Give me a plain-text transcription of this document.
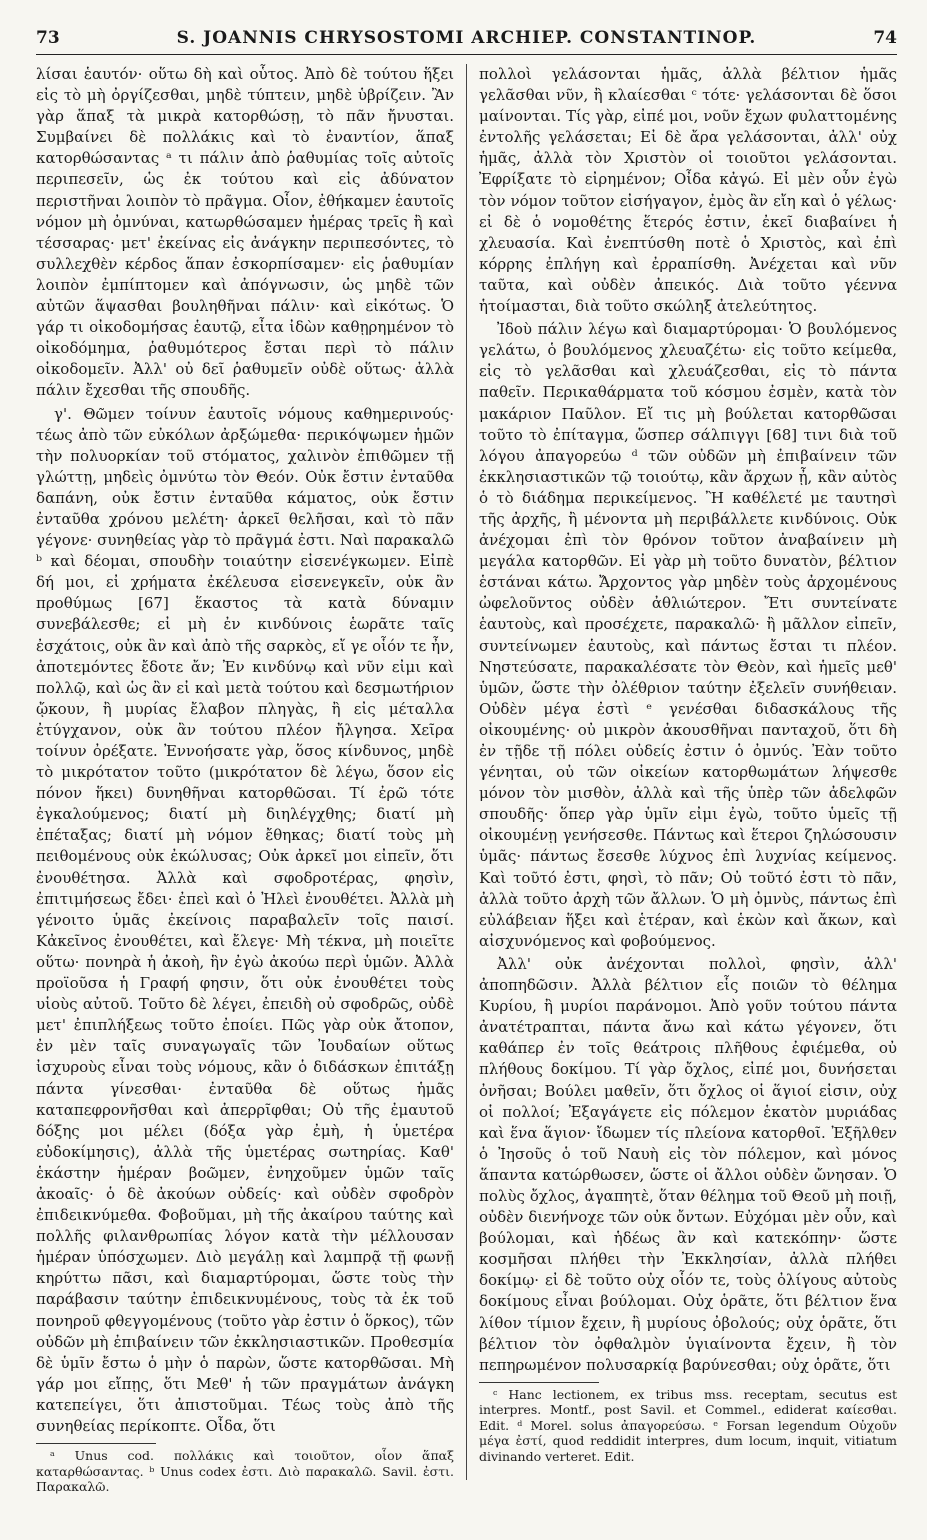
73	S. JOANNIS CHRYSOSTOMI ARCHIEP. CONSTANTINOP.	74

λίσαι ἑαυτόν· οὕτω δὴ καὶ οὗτος. Ἀπὸ δὲ τούτου ἥξει εἰς τὸ μὴ ὀργίζεσθαι, μηδὲ τύπτειν, μηδὲ ὑβρίζειν. Ἂν γὰρ ἅπαξ τὰ μικρὰ κατορθώσῃ, τὸ πᾶν ἤνυσται. Συμβαίνει δὲ πολλάκις καὶ τὸ ἐναντίον, ἅπαξ κατορθώσαντας ᵃ τι πάλιν ἀπὸ ῥαθυμίας τοῖς αὐτοῖς περιπεσεῖν, ὡς ἐκ τούτου καὶ εἰς ἀδύνατον περιστῆναι λοιπὸν τὸ πρᾶγμα. Οἷον, ἐθήκαμεν ἑαυτοῖς νόμον μὴ ὀμνύναι, κατωρθώσαμεν ἡμέρας τρεῖς ἢ καὶ τέσσαρας· μετ' ἐκείνας εἰς ἀνάγκην περιπεσόντες, τὸ συλλεχθὲν κέρδος ἅπαν ἐσκορπίσαμεν· εἰς ῥαθυμίαν λοιπὸν ἐμπίπτομεν καὶ ἀπόγνωσιν, ὡς μηδὲ τῶν αὐτῶν ἅψασθαι βουληθῆναι πάλιν· καὶ εἰκότως. Ὁ γάρ τι οἰκοδομήσας ἑαυτῷ, εἶτα ἰδὼν καθῃρημένον τὸ οἰκοδόμημα, ῥαθυμότερος ἔσται περὶ τὸ πάλιν οἰκοδομεῖν. Ἀλλ' οὐ δεῖ ῥαθυμεῖν οὐδὲ οὕτως· ἀλλὰ πάλιν ἔχεσθαι τῆς σπουδῆς.

γ'. Θῶμεν τοίνυν ἑαυτοῖς νόμους καθημερινούς· τέως ἀπὸ τῶν εὐκόλων ἀρξώμεθα· περικόψωμεν ἡμῶν τὴν πολυορκίαν τοῦ στόματος, χαλινὸν ἐπιθῶμεν τῇ γλώττῃ, μηδεὶς ὀμνύτω τὸν Θεόν. Οὐκ ἔστιν ἐνταῦθα δαπάνη, οὐκ ἔστιν ἐνταῦθα κάματος, οὐκ ἔστιν ἐνταῦθα χρόνου μελέτη· ἀρκεῖ θελῆσαι, καὶ τὸ πᾶν γέγονε· συνηθείας γὰρ τὸ πρᾶγμά ἐστι. Ναὶ παρακαλῶ ᵇ καὶ δέομαι, σπουδὴν τοιαύτην εἰσενέγκωμεν. Εἰπὲ δή μοι, εἰ χρήματα ἐκέλευσα εἰσενεγκεῖν, οὐκ ἂν προθύμως [67] ἕκαστος τὰ κατὰ δύναμιν συνεβάλεσθε; εἰ μὴ ἐν κινδύνοις ἑωρᾶτε ταῖς ἐσχάτοις, οὐκ ἂν καὶ ἀπὸ τῆς σαρκὸς, εἴ γε οἷόν τε ἦν, ἀποτεμόντες ἔδοτε ἄν; Ἐν κινδύνῳ καὶ νῦν εἰμι καὶ πολλῷ, καὶ ὡς ἂν εἰ καὶ μετὰ τούτου καὶ δεσμωτήριον ᾤκουν, ἢ μυρίας ἔλαβον πληγὰς, ἢ εἰς μέταλλα ἐτύγχανον, οὐκ ἂν τούτου πλέον ἤλγησα. Χεῖρα τοίνυν ὀρέξατε. Ἐννοήσατε γὰρ, ὅσος κίνδυνος, μηδὲ τὸ μικρότατον τοῦτο (μικρότατον δὲ λέγω, ὅσον εἰς πόνον ἥκει) δυνηθῆναι κατορθῶσαι. Τί ἐρῶ τότε ἐγκαλούμενος; διατί μὴ διηλέγχθης; διατί μὴ ἐπέταξας; διατί μὴ νόμον ἔθηκας; διατί τοὺς μὴ πειθομένους οὐκ ἐκώλυσας; Οὐκ ἀρκεῖ μοι εἰπεῖν, ὅτι ἐνουθέτησα. Ἀλλὰ καὶ σφοδροτέρας, φησὶν, ἐπιτιμήσεως ἔδει· ἐπεὶ καὶ ὁ Ἠλεὶ ἐνουθέτει. Ἀλλὰ μὴ γένοιτο ὑμᾶς ἐκείνοις παραβαλεῖν τοῖς παισί. Κἀκεῖνος ἐνουθέτει, καὶ ἔλεγε· Μὴ τέκνα, μὴ ποιεῖτε οὕτω· πονηρὰ ἡ ἀκοὴ, ἣν ἐγὼ ἀκούω περὶ ὑμῶν. Ἀλλὰ προϊοῦσα ἡ Γραφή φησιν, ὅτι οὐκ ἐνουθέτει τοὺς υἱοὺς αὐτοῦ. Τοῦτο δὲ λέγει, ἐπειδὴ οὐ σφοδρῶς, οὐδὲ μετ' ἐπιπλήξεως τοῦτο ἐποίει. Πῶς γὰρ οὐκ ἄτοπον, ἐν μὲν ταῖς συναγωγαῖς τῶν Ἰουδαίων οὕτως ἰσχυροὺς εἶναι τοὺς νόμους, κἂν ὁ διδάσκων ἐπιτάξῃ πάντα γίνεσθαι· ἐνταῦθα δὲ οὕτως ἡμᾶς καταπεφρονῆσθαι καὶ ἀπερρῖφθαι; Οὐ τῆς ἐμαυτοῦ δόξης μοι μέλει (δόξα γὰρ ἐμὴ, ἡ ὑμετέρα εὐδοκίμησις), ἀλλὰ τῆς ὑμετέρας σωτηρίας. Καθ' ἑκάστην ἡμέραν βοῶμεν, ἐνηχοῦμεν ὑμῶν ταῖς ἀκοαῖς· ὁ δὲ ἀκούων οὐδείς· καὶ οὐδὲν σφοδρὸν ἐπιδεικνύμεθα. Φοβοῦμαι, μὴ τῆς ἀκαίρου ταύτης καὶ πολλῆς φιλανθρωπίας λόγον κατὰ τὴν μέλλουσαν ἡμέραν ὑπόσχωμεν. Διὸ μεγάλῃ καὶ λαμπρᾷ τῇ φωνῇ κηρύττω πᾶσι, καὶ διαμαρτύρομαι, ὥστε τοὺς τὴν παράβασιν ταύτην ἐπιδεικνυμένους, τοὺς τὰ ἐκ τοῦ πονηροῦ φθεγγομένους (τοῦτο γὰρ ἐστιν ὁ ὅρκος), τῶν οὐδῶν μὴ ἐπιβαίνειν τῶν ἐκκλησιαστικῶν. Προθεσμία δὲ ὑμῖν ἔστω ὁ μὴν ὁ παρὼν, ὥστε κατορθῶσαι. Μὴ γάρ μοι εἴπῃς, ὅτι Μεθ' ἡ τῶν πραγμάτων ἀνάγκη κατεπείγει, ὅτι ἀπιστοῦμαι. Τέως τοὺς ἀπὸ τῆς συνηθείας περίκοπτε. Οἶδα, ὅτι

ᵃ Unus cod. πολλάκις καὶ τοιοῦτον, οἷον ἅπαξ καταρθώσαντας. ᵇ Unus codex ἐστι. Διὸ παρακαλῶ. Savil. ἐστι. Παρακαλῶ.

πολλοὶ γελάσονται ἡμᾶς, ἀλλὰ βέλτιον ἡμᾶς γελᾶσθαι νῦν, ἢ κλαίεσθαι ᶜ τότε· γελάσονται δὲ ὅσοι μαίνονται. Τίς γὰρ, εἰπέ μοι, νοῦν ἔχων φυλαττομένης ἐντολῆς γελάσεται; Εἰ δὲ ἄρα γελάσονται, ἀλλ' οὐχ ἡμᾶς, ἀλλὰ τὸν Χριστὸν οἱ τοιοῦτοι γελάσονται. Ἐφρίξατε τὸ εἰρημένον; Οἶδα κἀγώ. Εἰ μὲν οὖν ἐγὼ τὸν νόμον τοῦτον εἰσήγαγον, ἐμὸς ἂν εἴη καὶ ὁ γέλως· εἰ δὲ ὁ νομοθέτης ἕτερός ἐστιν, ἐκεῖ διαβαίνει ἡ χλευασία. Καὶ ἐνεπτύσθη ποτὲ ὁ Χριστὸς, καὶ ἐπὶ κόρρης ἐπλήγη καὶ ἐρραπίσθη. Ἀνέχεται καὶ νῦν ταῦτα, καὶ οὐδὲν ἀπεικός. Διὰ τοῦτο γέεννα ἡτοίμασται, διὰ τοῦτο σκώληξ ἀτελεύτητος.

Ἰδοὺ πάλιν λέγω καὶ διαμαρτύρομαι· Ὁ βουλόμενος γελάτω, ὁ βουλόμενος χλευαζέτω· εἰς τοῦτο κείμεθα, εἰς τὸ γελᾶσθαι καὶ χλευάζεσθαι, εἰς τὸ πάντα παθεῖν. Περικαθάρματα τοῦ κόσμου ἐσμὲν, κατὰ τὸν μακάριον Παῦλον. Εἴ τις μὴ βούλεται κατορθῶσαι τοῦτο τὸ ἐπίταγμα, ὥσπερ σάλπιγγι [68] τινι διὰ τοῦ λόγου ἀπαγορεύω ᵈ τῶν οὐδῶν μὴ ἐπιβαίνειν τῶν ἐκκλησιαστικῶν τῷ τοιούτῳ, κἂν ἄρχων ᾖ, κἂν αὐτὸς ὁ τὸ διάδημα περικείμενος. Ἢ καθέλετέ με ταυτησὶ τῆς ἀρχῆς, ἢ μένοντα μὴ περιβάλλετε κινδύνοις. Οὐκ ἀνέχομαι ἐπὶ τὸν θρόνον τοῦτον ἀναβαίνειν μὴ μεγάλα κατορθῶν. Εἰ γὰρ μὴ τοῦτο δυνατὸν, βέλτιον ἑστάναι κάτω. Ἄρχοντος γὰρ μηδὲν τοὺς ἀρχομένους ὠφελοῦντος οὐδὲν ἀθλιώτερον. Ἔτι συντείνατε ἑαυτοὺς, καὶ προσέχετε, παρακαλῶ· ἢ μᾶλλον εἰπεῖν, συντείνωμεν ἑαυτοὺς, καὶ πάντως ἔσται τι πλέον. Νηστεύσατε, παρακαλέσατε τὸν Θεὸν, καὶ ἡμεῖς μεθ' ὑμῶν, ὥστε τὴν ὀλέθριον ταύτην ἐξελεῖν συνήθειαν. Οὐδὲν μέγα ἐστὶ ᵉ γενέσθαι διδασκάλους τῆς οἰκουμένης· οὐ μικρὸν ἀκουσθῆναι πανταχοῦ, ὅτι δὴ ἐν τῇδε τῇ πόλει οὐδείς ἐστιν ὁ ὀμνύς. Ἐὰν τοῦτο γένηται, οὐ τῶν οἰκείων κατορθωμάτων λήψεσθε μόνον τὸν μισθὸν, ἀλλὰ καὶ τῆς ὑπὲρ τῶν ἀδελφῶν σπουδῆς· ὅπερ γὰρ ὑμῖν εἰμι ἐγὼ, τοῦτο ὑμεῖς τῇ οἰκουμένῃ γενήσεσθε. Πάντως καὶ ἕτεροι ζηλώσουσιν ὑμᾶς· πάντως ἔσεσθε λύχνος ἐπὶ λυχνίας κείμενος. Καὶ τοῦτό ἐστι, φησὶ, τὸ πᾶν; Οὐ τοῦτό ἐστι τὸ πᾶν, ἀλλὰ τοῦτο ἀρχὴ τῶν ἄλλων. Ὁ μὴ ὀμνὺς, πάντως ἐπὶ εὐλάβειαν ἥξει καὶ ἑτέραν, καὶ ἑκὼν καὶ ἄκων, καὶ αἰσχυνόμενος καὶ φοβούμενος.

Ἀλλ' οὐκ ἀνέχονται πολλοὶ, φησὶν, ἀλλ' ἀποπηδῶσιν. Ἀλλὰ βέλτιον εἷς ποιῶν τὸ θέλημα Κυρίου, ἢ μυρίοι παράνομοι. Ἀπὸ γοῦν τούτου πάντα ἀνατέτραπται, πάντα ἄνω καὶ κάτω γέγονεν, ὅτι καθάπερ ἐν τοῖς θεάτροις πλῆθους ἐφιέμεθα, οὐ πλήθους δοκίμου. Τί γὰρ ὄχλος, εἰπέ μοι, δυνήσεται ὀνῆσαι; Βούλει μαθεῖν, ὅτι ὄχλος οἱ ἅγιοί εἰσιν, οὐχ οἱ πολλοί; Ἐξαγάγετε εἰς πόλεμον ἑκατὸν μυριάδας καὶ ἕνα ἅγιον· ἴδωμεν τίς πλείονα κατορθοῖ. Ἐξῆλθεν ὁ Ἰησοῦς ὁ τοῦ Ναυὴ εἰς τὸν πόλεμον, καὶ μόνος ἅπαντα κατώρθωσεν, ὥστε οἱ ἄλλοι οὐδὲν ὤνησαν. Ὁ πολὺς ὄχλος, ἀγαπητὲ, ὅταν θέλημα τοῦ Θεοῦ μὴ ποιῇ, οὐδὲν διενήνοχε τῶν οὐκ ὄντων. Εὐχόμαι μὲν οὖν, καὶ βούλομαι, καὶ ἡδέως ἂν καὶ κατεκόπην· ὥστε κοσμῆσαι πλήθει τὴν Ἐκκλησίαν, ἀλλὰ πλήθει δοκίμῳ· εἰ δὲ τοῦτο οὐχ οἷόν τε, τοὺς ὀλίγους αὐτοὺς δοκίμους εἶναι βούλομαι. Οὐχ ὁρᾶτε, ὅτι βέλτιον ἕνα λίθον τίμιον ἔχειν, ἢ μυρίους ὀβολούς; οὐχ ὁρᾶτε, ὅτι βέλτιον τὸν ὀφθαλμὸν ὑγιαίνοντα ἔχειν, ἢ τὸν πεπηρωμένον πολυσαρκίᾳ βαρύνεσθαι; οὐχ ὁρᾶτε, ὅτι

ᶜ Hanc lectionem, ex tribus mss. receptam, secutus est interpres. Montf., post Savil. et Commel., ediderat καίεσθαι. Edit. ᵈ Morel. solus ἀπαγορεύσω. ᵉ Forsan legendum Οὐχοῦν μέγα ἐστί, quod reddidit interpres, dum locum, inquit, vitiatum divinando verteret. Edit.
